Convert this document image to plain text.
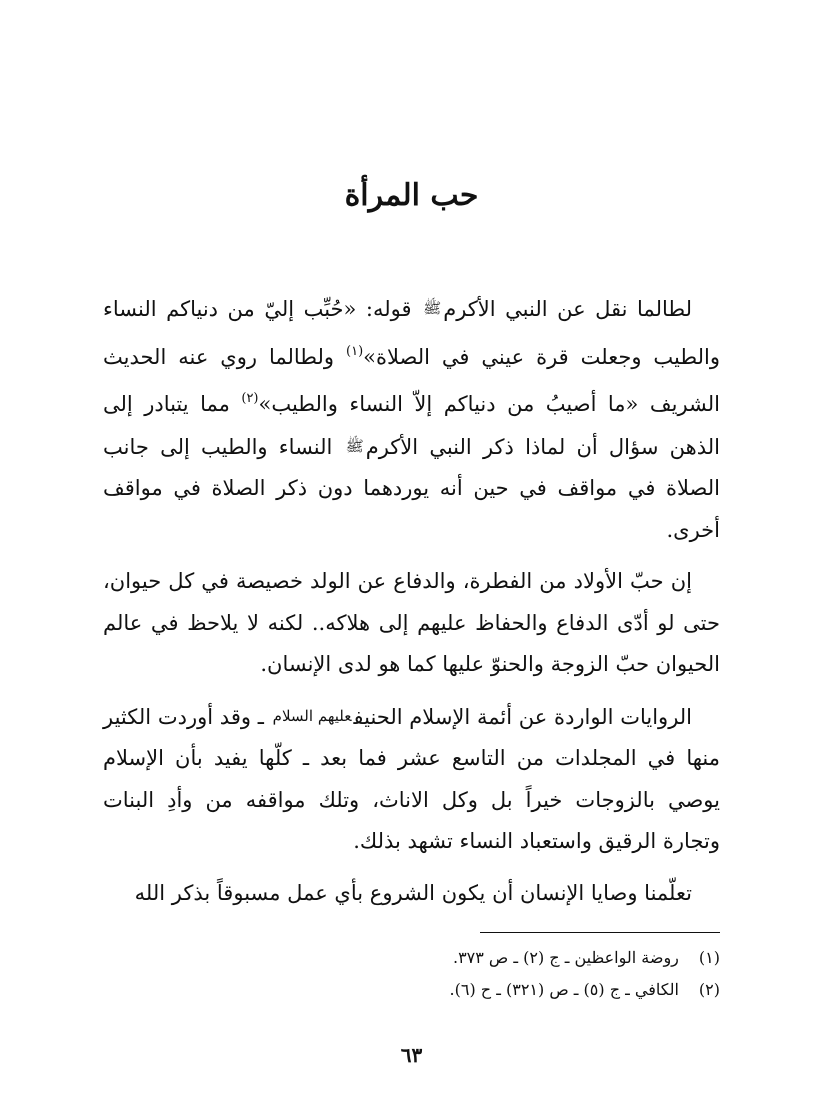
حب المرأة

لطالما نقل عن النبي الأكرمﷺ قوله: «حُبِّب إليّ من دنياكم النساء والطيب وجعلت قرة عيني في الصلاة»$^{(١)}$ ولطالما روي عنه الحديث الشريف «ما أصيبُ من دنياكم إلاّ النساء والطيب»$^{(٢)}$ مما يتبادر إلى الذهن سؤال أن لماذا ذكر النبي الأكرمﷺ النساء والطيب إلى جانب الصلاة في مواقف في حين أنه يوردهما دون ذكر الصلاة في مواقف أخرى.

إن حبّ الأولاد من الفطرة، والدفاع عن الولد خصيصة في كل حيوان، حتى لو أدّى الدفاع والحفاظ عليهم إلى هلاكه.. لكنه لا يلاحظ في عالم الحيوان حبّ الزوجة والحنوّ عليها كما هو لدى الإنسان.

الروايات الواردة عن أئمة الإسلام الحنيفعليهم السلام ـ وقد أوردت الكثير منها في المجلدات من التاسع عشر فما بعد ـ كلّها يفيد بأن الإسلام يوصي بالزوجات خيراً بل وكل الاناث، وتلك مواقفه من وأدِ البنات وتجارة الرقيق واستعباد النساء تشهد بذلك.

تعلّمنا وصايا الإنسان أن يكون الشروع بأي عمل مسبوقاً بذكر الله

(١) روضة الواعظين ـ ج (٢) ـ ص ٣٧٣.
(٢) الكافي ـ ج (٥) ـ ص (٣٢١) ـ ح (٦).
٦٣
